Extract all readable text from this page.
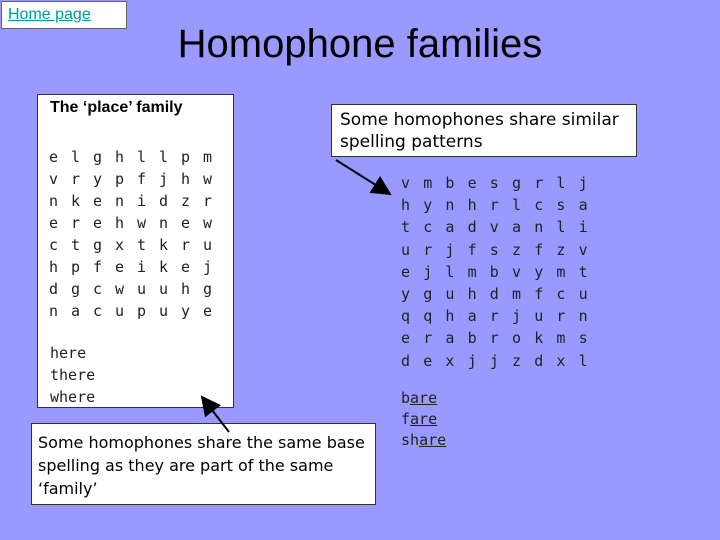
Home page
Homophone families
The ‘place’ family
here
there
where
Some homophones share similar spelling patterns
Some homophones share the same base spelling as they are part of the same ‘family’
bare
fare
share
e l g h l l p m
v r y p f j h w
n k e n i d z r
e r e h w n e w
c t g x t k r u
h p f e i k e j
d g c w u u h g
n a c u p u y e
v m b e s g r l j
h y n h r l c s a
t c a d v a n l i
u r j f s z f z v
e j l m b v y m t
y g u h d m f c u
q q h a r j u r n
e r a b r o k m s
d e x j j z d x l
